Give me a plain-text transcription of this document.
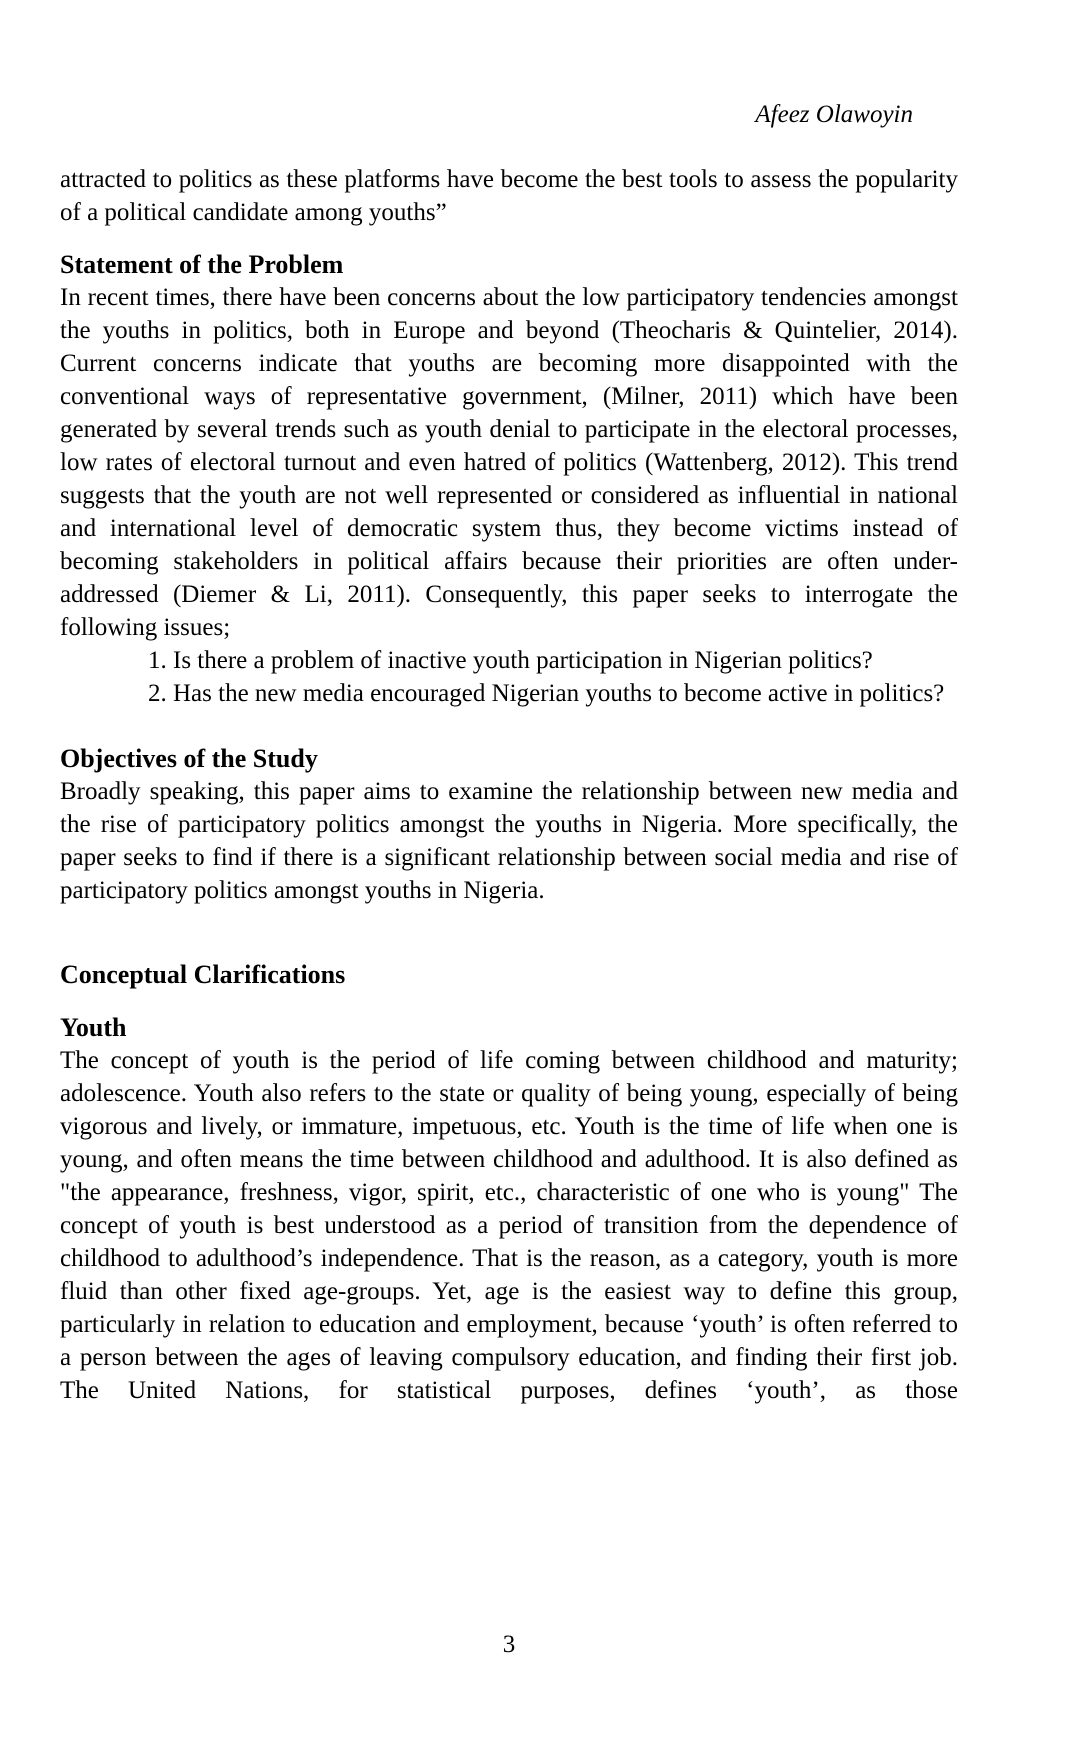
Afeez Olawoyin

attracted to politics as these platforms have become the best tools to assess the popularity of a political candidate among youths”

Statement of the Problem

In recent times, there have been concerns about the low participatory tendencies amongst the youths in politics, both in Europe and beyond (Theocharis & Quintelier, 2014). Current concerns indicate that youths are becoming more disappointed with the conventional ways of representative government, (Milner, 2011) which have been generated by several trends such as youth denial to participate in the electoral processes, low rates of electoral turnout and even hatred of politics (Wattenberg, 2012). This trend suggests that the youth are not well represented or considered as influential in national and international level of democratic system thus, they become victims instead of becoming stakeholders in political affairs because their priorities are often under-addressed (Diemer & Li, 2011). Consequently, this paper seeks to interrogate the following issues;

1. Is there a problem of inactive youth participation in Nigerian politics?

2. Has the new media encouraged Nigerian youths to become active in politics?

Objectives of the Study

Broadly speaking, this paper aims to examine the relationship between new media and the rise of participatory politics amongst the youths in Nigeria. More specifically, the paper seeks to find if there is a significant relationship between social media and rise of participatory politics amongst youths in Nigeria.

Conceptual Clarifications
Youth

The concept of youth is the period of life coming between childhood and maturity; adolescence. Youth also refers to the state or quality of being young, especially of being vigorous and lively, or immature, impetuous, etc. Youth is the time of life when one is young, and often means the time between childhood and adulthood. It is also defined as "the appearance, freshness, vigor, spirit, etc., characteristic of one who is young" The concept of youth is best understood as a period of transition from the dependence of childhood to adulthood’s independence. That is the reason, as a category, youth is more fluid than other fixed age-groups. Yet, age is the easiest way to define this group, particularly in relation to education and employment, because ‘youth’ is often referred to a person between the ages of leaving compulsory education, and finding their first job. The United Nations, for statistical purposes, defines ‘youth’, as those

3
